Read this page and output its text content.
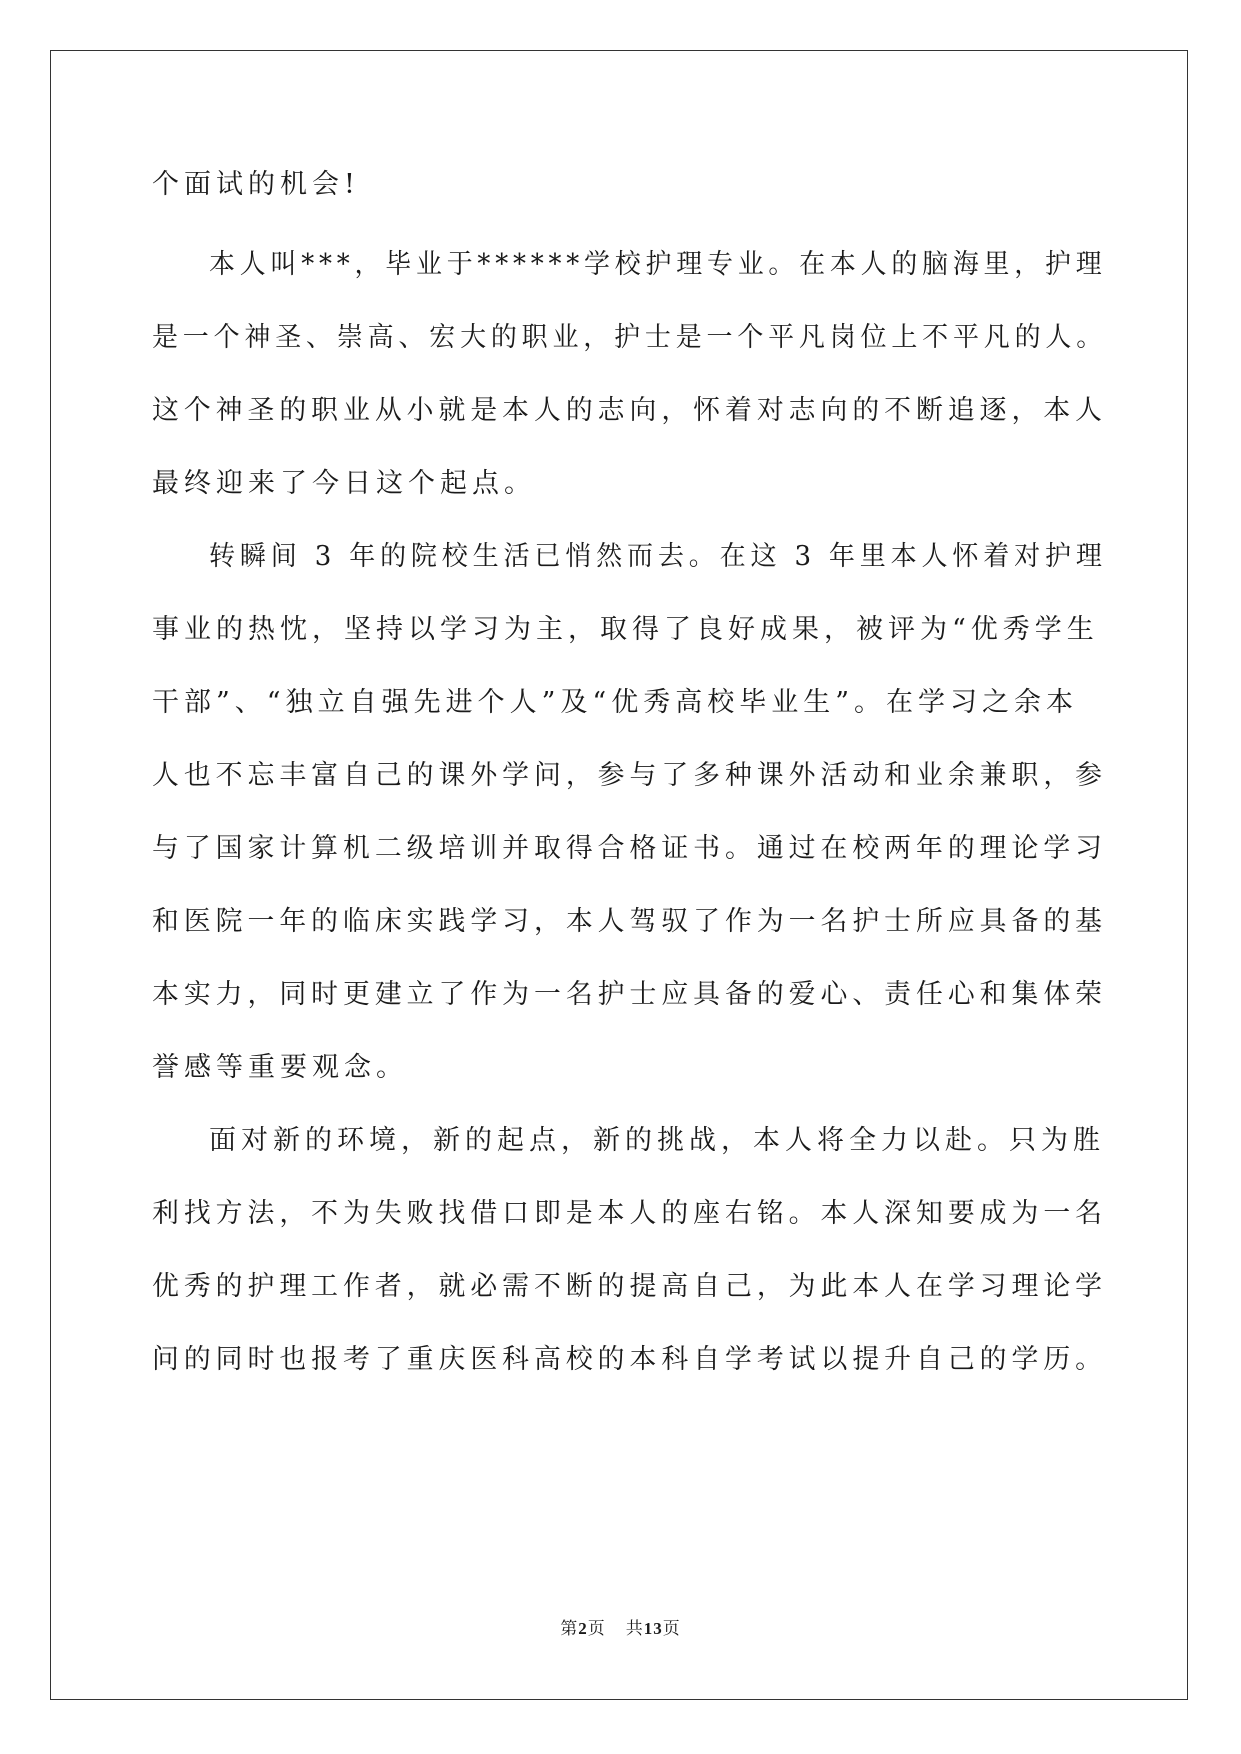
个面试的机会!
本人叫***，毕业于******学校护理专业。在本人的脑海里，护理
是一个神圣、崇高、宏大的职业，护士是一个平凡岗位上不平凡的人。
这个神圣的职业从小就是本人的志向，怀着对志向的不断追逐，本人
最终迎来了今日这个起点。
转瞬间 3 年的院校生活已悄然而去。在这 3 年里本人怀着对护理
事业的热忱，坚持以学习为主，取得了良好成果，被评为“优秀学生
干部”、“独立自强先进个人”及“优秀高校毕业生”。在学习之余本
人也不忘丰富自己的课外学问，参与了多种课外活动和业余兼职，参
与了国家计算机二级培训并取得合格证书。通过在校两年的理论学习
和医院一年的临床实践学习，本人驾驭了作为一名护士所应具备的基
本实力，同时更建立了作为一名护士应具备的爱心、责任心和集体荣
誉感等重要观念。
面对新的环境，新的起点，新的挑战，本人将全力以赴。只为胜
利找方法，不为失败找借口即是本人的座右铭。本人深知要成为一名
优秀的护理工作者，就必需不断的提高自己，为此本人在学习理论学
问的同时也报考了重庆医科高校的本科自学考试以提升自己的学历。
第2页 共13页
